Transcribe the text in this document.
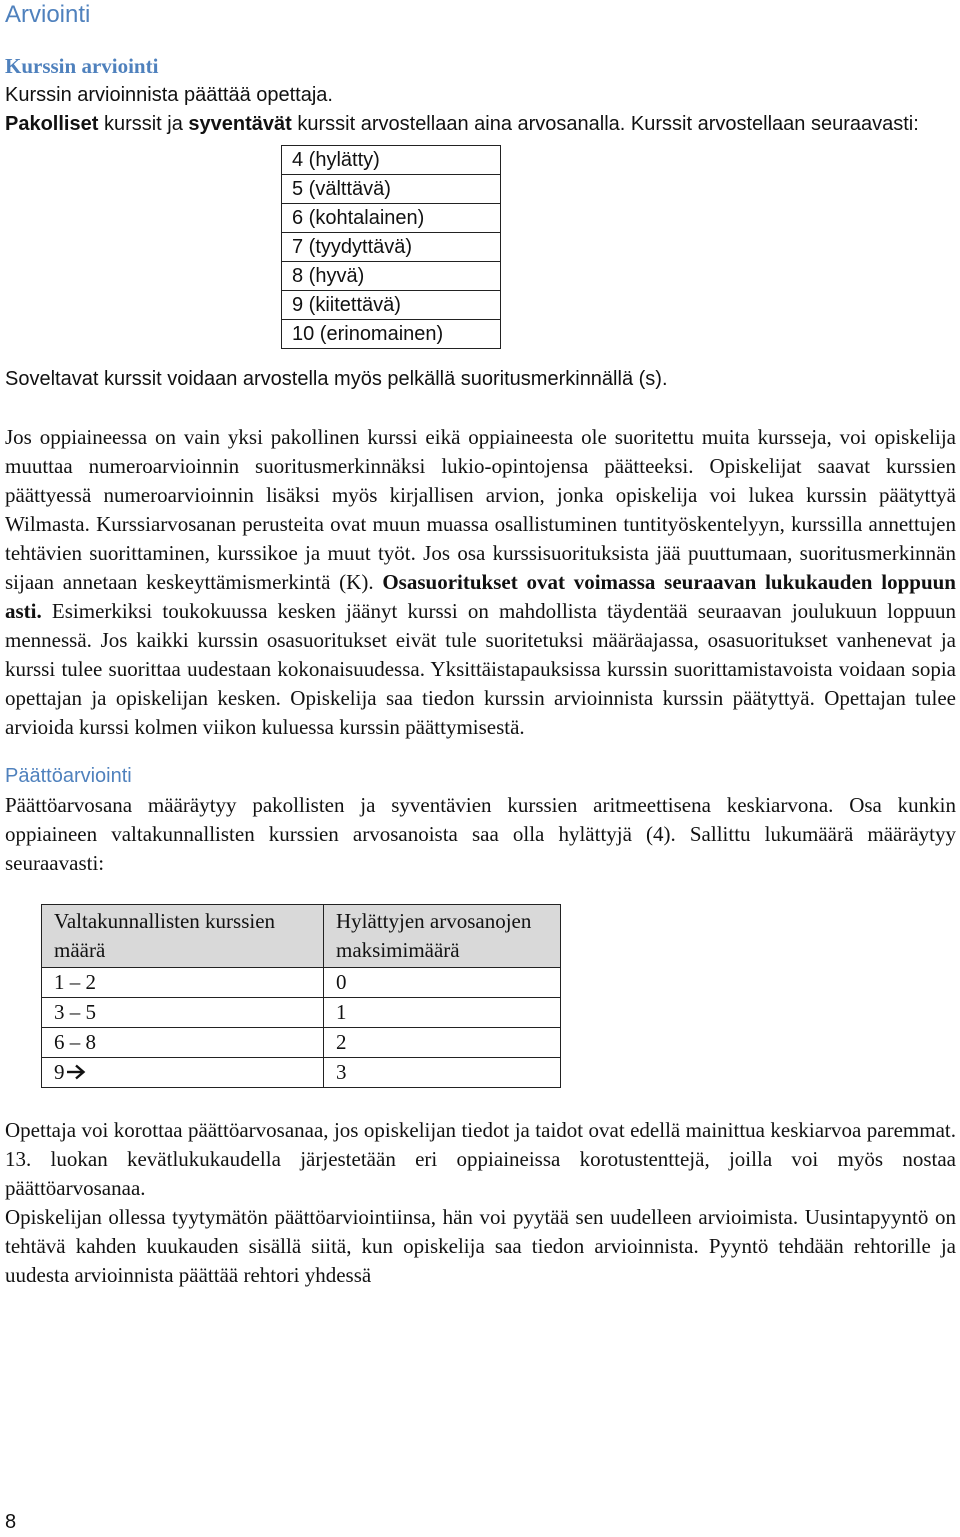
Arviointi
Kurssin arviointi

Kurssin arvioinnista päättää opettaja.

Pakolliset kurssit ja syventävät kurssit arvostellaan aina arvosanalla. Kurssit arvostellaan seuraavasti:

4 (hylätty)
5 (välttävä)
6 (kohtalainen)
7 (tyydyttävä)
8 (hyvä)
9 (kiitettävä)
10 (erinomainen)

Soveltavat kurssit voidaan arvostella myös pelkällä suoritusmerkinnällä (s).

Jos oppiaineessa on vain yksi pakollinen kurssi eikä oppiaineesta ole suoritettu muita kursseja, voi opiskelija muuttaa numeroarvioinnin suoritusmerkinnäksi lukio-opintojensa päätteeksi. Opiskelijat saavat kurssien päättyessä numeroarvioinnin lisäksi myös kirjallisen arvion, jonka opiskelija voi lukea kurssin päätyttyä Wilmasta. Kurssiarvosanan perusteita ovat muun muassa osallistuminen tuntityöskentelyyn, kurssilla annettujen tehtävien suorittaminen, kurssikoe ja muut työt. Jos osa kurssisuorituksista jää puuttumaan, suoritusmerkinnän sijaan annetaan keskeyttämismerkintä (K). Osasuoritukset ovat voimassa seuraavan lukukauden loppuun asti. Esimerkiksi toukokuussa kesken jäänyt kurssi on mahdollista täydentää seuraavan joulukuun loppuun mennessä. Jos kaikki kurssin osasuoritukset eivät tule suoritetuksi määräajassa, osasuoritukset vanhenevat ja kurssi tulee suorittaa uudestaan kokonaisuudessa. Yksittäistapauksissa kurssin suorittamistavoista voidaan sopia opettajan ja opiskelijan kesken. Opiskelija saa tiedon kurssin arvioinnista kurssin päätyttyä. Opettajan tulee arvioida kurssi kolmen viikon kuluessa kurssin päättymisestä.

Päättöarviointi

Päättöarvosana määräytyy pakollisten ja syventävien kurssien aritmeettisena keskiarvona. Osa kunkin oppiaineen valtakunnallisten kurssien arvosanoista saa olla hylättyjä (4). Sallittu lukumäärä määräytyy seuraavasti:

Valtakunnallisten kurssien määrä	Hylättyjen arvosanojen maksimimäärä
1 – 2	0
3 – 5	1
6 – 8	2
9	3

Opettaja voi korottaa päättöarvosanaa, jos opiskelijan tiedot ja taidot ovat edellä mainittua keskiarvoa paremmat. 13. luokan kevätlukukaudella järjestetään eri oppiaineissa korotustenttejä, joilla voi myös nostaa päättöarvosanaa.

Opiskelijan ollessa tyytymätön päättöarviointiinsa, hän voi pyytää sen uudelleen arvioimista. Uusintapyyntö on tehtävä kahden kuukauden sisällä siitä, kun opiskelija saa tiedon arvioinnista. Pyyntö tehdään rehtorille ja uudesta arvioinnista päättää rehtori yhdessä

8
